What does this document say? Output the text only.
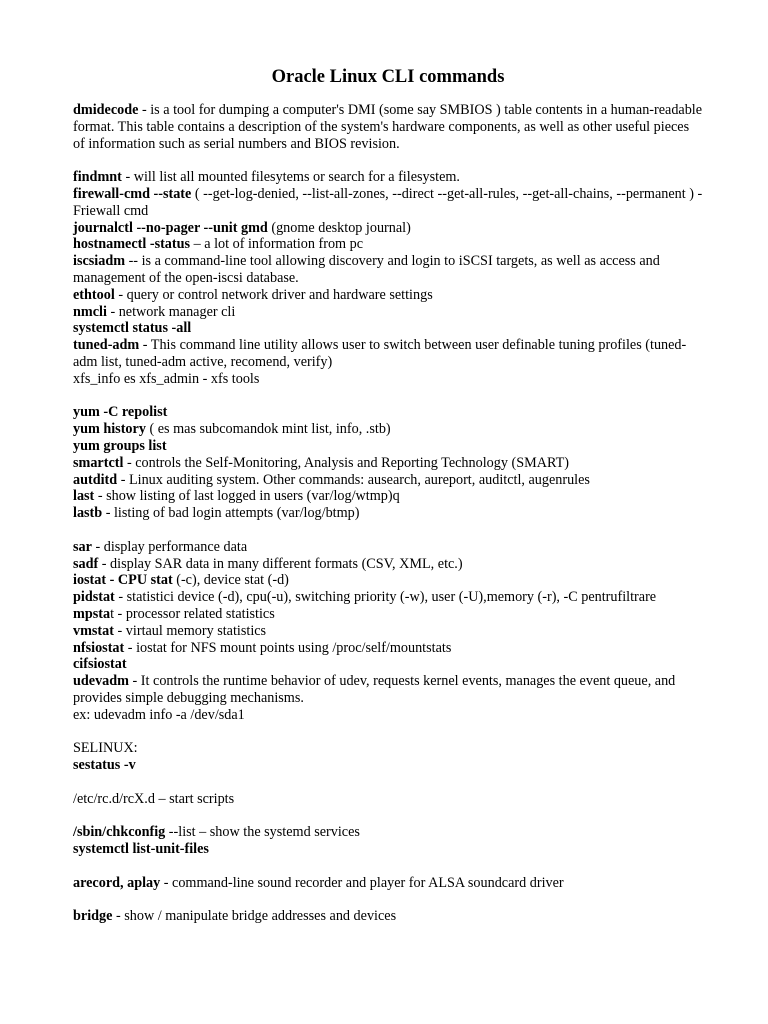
Oracle Linux CLI commands

dmidecode - is a tool for dumping a computer's DMI (some say SMBIOS ) table contents in a human-readable format. This table contains a description of the system's hardware components, as well as other useful pieces of information such as serial numbers and BIOS revision.

findmnt - will list all mounted filesytems or search for a filesystem.

firewall-cmd --state ( --get-log-denied, --list-all-zones, --direct --get-all-rules, --get-all-chains, --permanent ) - Friewall cmd

journalctl --no-pager --unit gmd (gnome desktop journal)

hostnamectl -status – a lot of information from pc

iscsiadm -- is a command-line tool allowing discovery and login to iSCSI targets, as well as access and management of the open-iscsi database.

ethtool - query or control network driver and hardware settings

nmcli - network manager cli

systemctl status -all

tuned-adm - This command line utility allows user to switch between user definable tuning profiles (tuned-adm list, tuned-adm active, recomend, verify)

xfs_info es xfs_admin - xfs tools

yum -C repolist

yum history ( es mas subcomandok mint list, info, .stb)

yum groups list

smartctl - controls the Self-Monitoring, Analysis and Reporting Technology (SMART)

autditd - Linux auditing system. Other commands: ausearch, aureport, auditctl, augenrules

last - show listing of last logged in users (var/log/wtmp)q

lastb - listing of bad login attempts (var/log/btmp)

sar - display performance data

sadf - display SAR data in many different formats (CSV, XML, etc.)

iostat - CPU stat (-c), device stat (-d)

pidstat - statistici device (-d), cpu(-u), switching priority (-w), user (-U),memory (-r), -C pentrufiltrare

mpstat - processor related statistics

vmstat - virtaul memory statistics

nfsiostat - iostat for NFS mount points using /proc/self/mountstats

cifsiostat

udevadm - It controls the runtime behavior of udev, requests kernel events, manages the event queue, and provides simple debugging mechanisms.

ex: udevadm info -a /dev/sda1

SELINUX:

sestatus -v

/etc/rc.d/rcX.d – start scripts

/sbin/chkconfig --list – show the systemd services

systemctl list-unit-files

arecord, aplay - command-line sound recorder and player for ALSA soundcard driver

bridge - show / manipulate bridge addresses and devices
